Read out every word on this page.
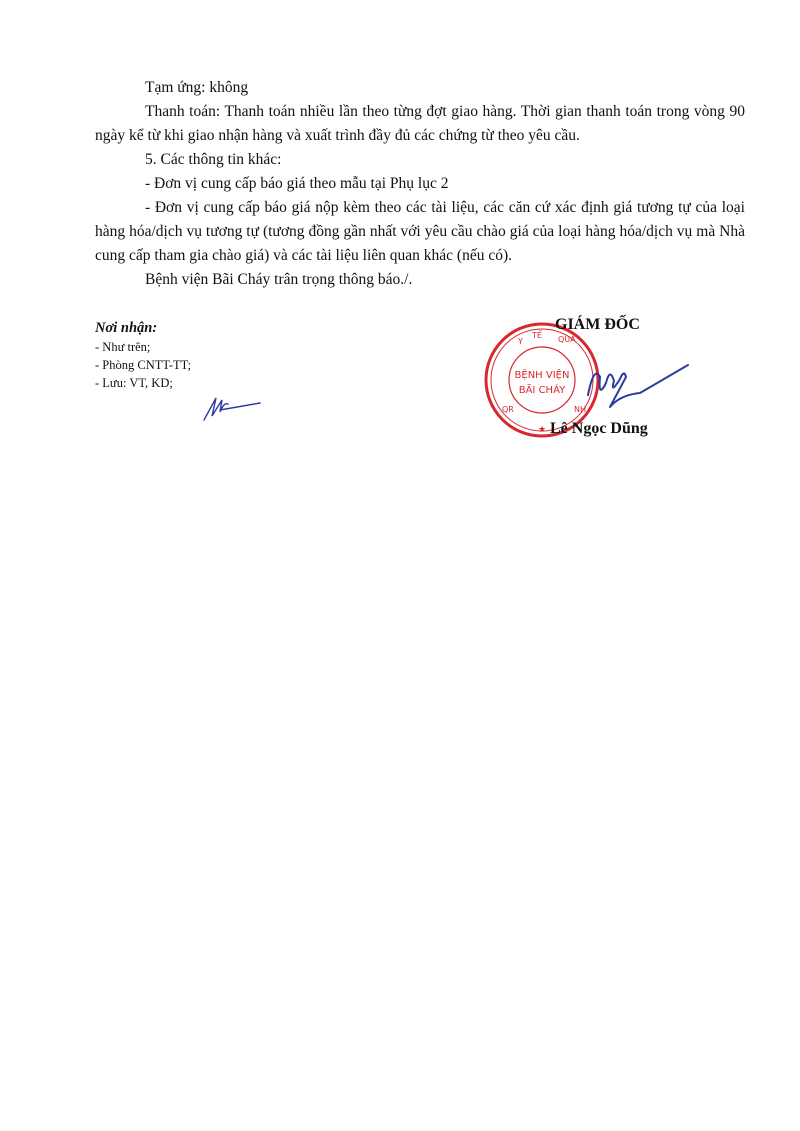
Tạm ứng: không
Thanh toán: Thanh toán nhiều lần theo từng đợt giao hàng. Thời gian thanh toán trong vòng 90 ngày kể từ khi giao nhận hàng và xuất trình đầy đủ các chứng từ theo yêu cầu.
5. Các thông tin khác:
- Đơn vị cung cấp báo giá theo mẫu tại Phụ lục 2
- Đơn vị cung cấp báo giá nộp kèm theo các tài liệu, các căn cứ xác định giá tương tự của loại hàng hóa/dịch vụ tương tự (tương đồng gần nhất với yêu cầu chào giá của loại hàng hóa/dịch vụ mà Nhà cung cấp tham gia chào giá) và các tài liệu liên quan khác (nếu có).
Bệnh viện Bãi Cháy trân trọng thông báo./.
Nơi nhận:
- Như trên;
- Phòng CNTT-TT;
- Lưu: VT, KD;
Y
TẾ QUẢ
QR
★
NH
BỆNH VIỆN
BÃI CHÁY
GIÁM ĐỐC
Lê Ngọc Dũng
